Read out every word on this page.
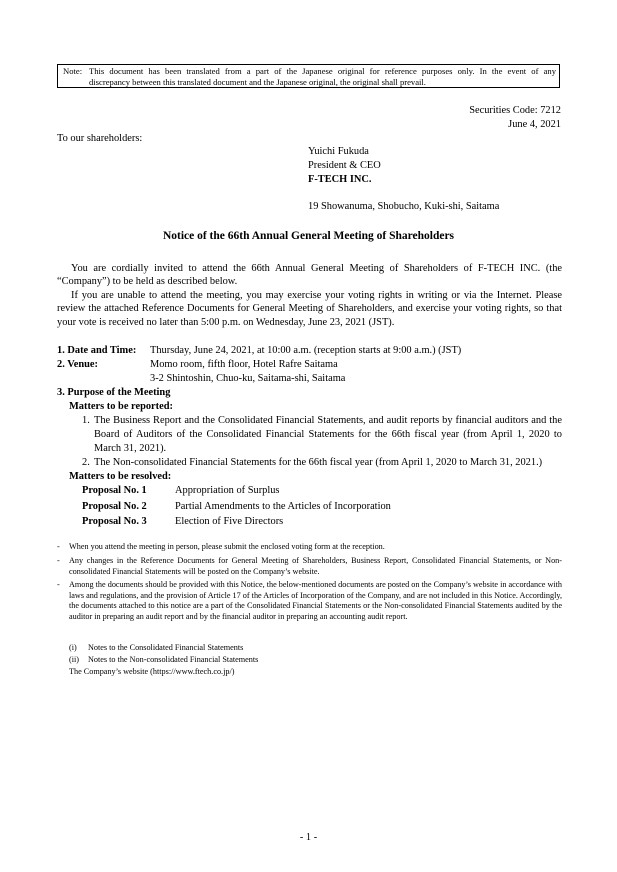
Note: This document has been translated from a part of the Japanese original for reference purposes only. In the event of any
discrepancy between this translated document and the Japanese original, the original shall prevail.
Securities Code: 7212
June 4, 2021
To our shareholders:
Yuichi Fukuda
President & CEO
F-TECH INC.
19 Showanuma, Shobucho, Kuki-shi, Saitama
Notice of the 66th Annual General Meeting of Shareholders
You are cordially invited to attend the 66th Annual General Meeting of Shareholders of F-TECH INC. (the “Company”) to be held as described below.
If you are unable to attend the meeting, you may exercise your voting rights in writing or via the Internet. Please review the attached Reference Documents for General Meeting of Shareholders, and exercise your voting rights, so that your vote is received no later than 5:00 p.m. on Wednesday, June 23, 2021 (JST).
1. Date and Time: Thursday, June 24, 2021, at 10:00 a.m. (reception starts at 9:00 a.m.) (JST)
2. Venue:	Momo room, fifth floor, Hotel Rafre Saitama
3-2 Shintoshin, Chuo-ku, Saitama-shi, Saitama
3. Purpose of the Meeting
Matters to be reported:
1. The Business Report and the Consolidated Financial Statements, and audit reports by financial auditors and the Board of Auditors of the Consolidated Financial Statements for the 66th fiscal year (from April 1, 2020 to March 31, 2021).
2. The Non-consolidated Financial Statements for the 66th fiscal year (from April 1, 2020 to March 31, 2021.)
Matters to be resolved:
Proposal No. 1	Appropriation of Surplus
Proposal No. 2	Partial Amendments to the Articles of Incorporation
Proposal No. 3	Election of Five Directors
- When you attend the meeting in person, please submit the enclosed voting form at the reception.
- Any changes in the Reference Documents for General Meeting of Shareholders, Business Report, Consolidated Financial Statements, or Non-consolidated Financial Statements will be posted on the Company’s website.
- Among the documents should be provided with this Notice, the below-mentioned documents are posted on the Company’s website in accordance with laws and regulations, and the provision of Article 17 of the Articles of Incorporation of the Company, and are not included in this Notice. Accordingly, the documents attached to this notice are a part of the Consolidated Financial Statements or the Non-consolidated Financial Statements audited by the auditor in preparing an audit report and by the financial auditor in preparing an accounting audit report.
(i) Notes to the Consolidated Financial Statements
(ii) Notes to the Non-consolidated Financial Statements
The Company’s website (https://www.ftech.co.jp/)
- 1 -
